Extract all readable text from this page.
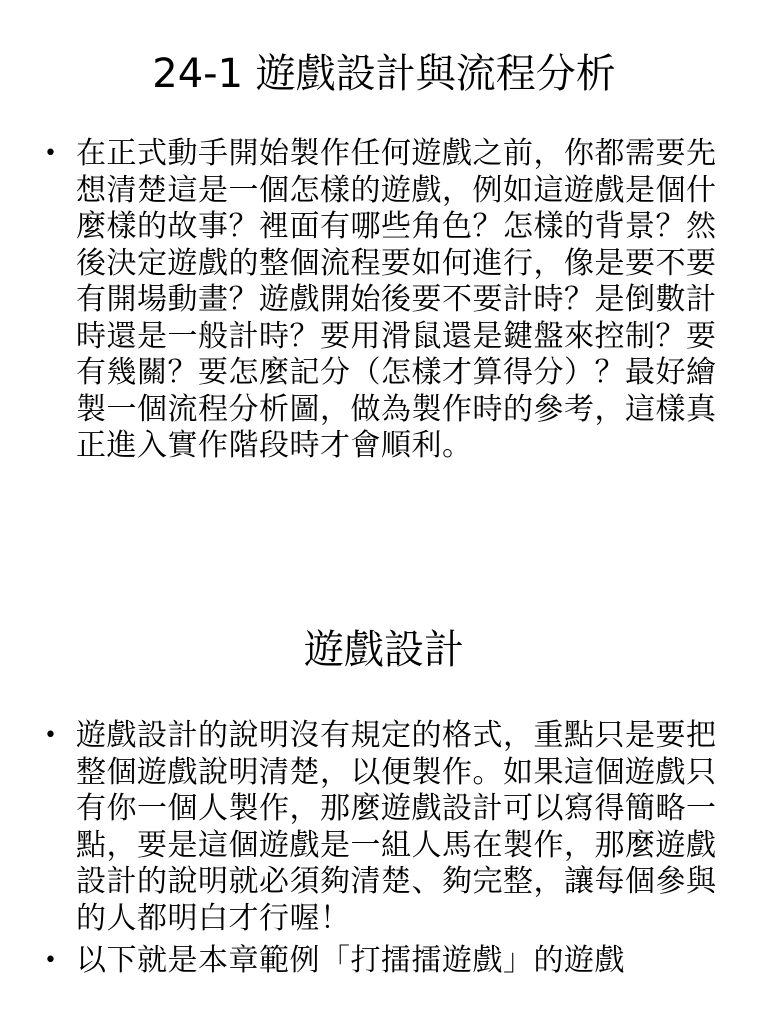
24-1 遊戲設計與流程分析
• 在正式動手開始製作任何遊戲之前，你都需要先想清楚這是一個怎樣的遊戲，例如這遊戲是個什麼樣的故事？裡面有哪些角色？怎樣的背景？然後決定遊戲的整個流程要如何進行，像是要不要有開場動畫？遊戲開始後要不要計時？是倒數計時還是一般計時？要用滑鼠還是鍵盤來控制？要有幾關？要怎麼記分（怎樣才算得分）？最好繪製一個流程分析圖，做為製作時的參考，這樣真正進入實作階段時才會順利。
遊戲設計
• 遊戲設計的說明沒有規定的格式，重點只是要把整個遊戲說明清楚，以便製作。如果這個遊戲只有你一個人製作，那麼遊戲設計可以寫得簡略一點，要是這個遊戲是一組人馬在製作，那麼遊戲設計的說明就必須夠清楚、夠完整，讓每個參與的人都明白才行喔！
• 以下就是本章範例「打擂擂遊戲」的遊戲
